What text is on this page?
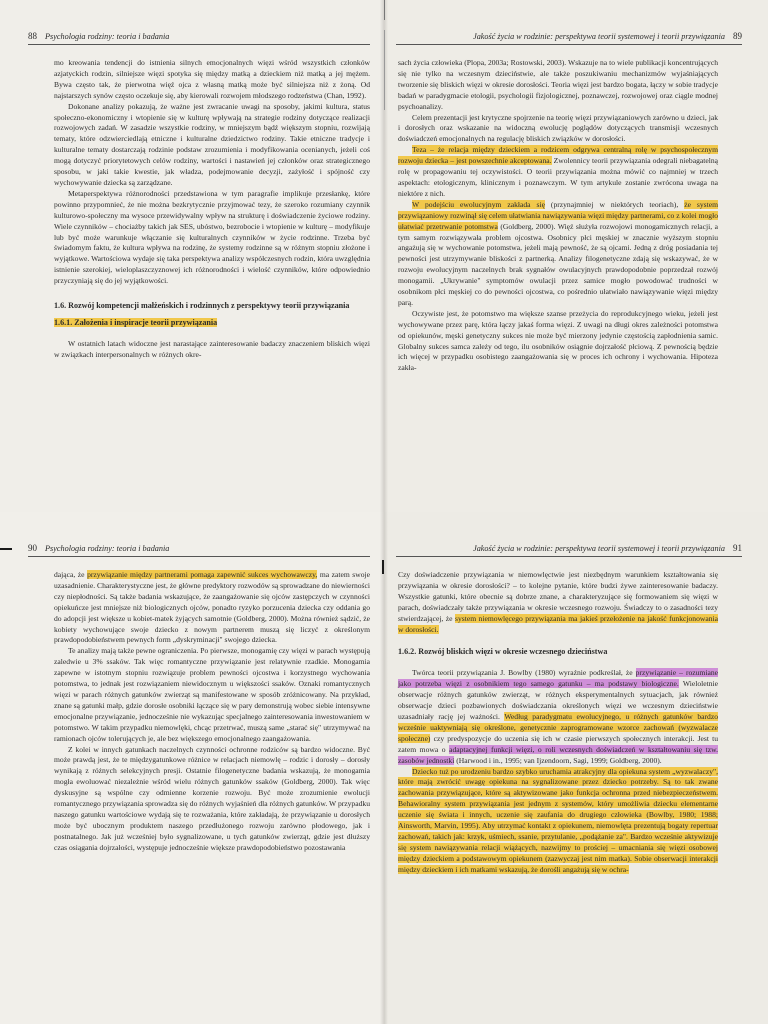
88 Psychologia rodziny: teoria i badania

mo kreowania tendencji do istnienia silnych emocjonalnych więzi wśród wszystkich członków azjatyckich rodzin, silniejsze więzi spotyka się między matką a dzieckiem niż matką a jej mężem. Bywa często tak, że pierwotna więź ojca z własną matką może być silniejsza niż z żoną. Od najstarszych synów często oczekuje się, aby kierowali rozwojem młodszego rodzeństwa (Chan, 1992).

Dokonane analizy pokazują, że ważne jest zwracanie uwagi na sposoby, jakimi kultura, status społeczno-ekonomiczny i wtopienie się w kulturę wpływają na strategie rodziny dotyczące realizacji rozwojowych zadań. W zasadzie wszystkie rodziny, w mniejszym bądź większym stopniu, rozwijają tematy, które odzwierciedlają etniczne i kulturalne dziedzictwo rodziny. Takie etniczne tradycje i kulturalne tematy dostarczają rodzinie podstaw zrozumienia i modyfikowania ocenianych, jeżeli coś mogą dotyczyć priorytetowych celów rodziny, wartości i nastawień jej członków oraz strategicznego sposobu, w jaki takie kwestie, jak władza, podejmowanie decyzji, zażyłość i spójność czy wychowywanie dziecka są zarządzane.

Metaperspektywa różnorodności przedstawiona w tym paragrafie implikuje przesłankę, które powinno przypomnieć, że nie można bezkrytycznie przyjmować tezy, że szeroko rozumiany czynnik kulturowo-społeczny ma wysoce przewidywalny wpływ na strukturę i doświadczenie życiowe rodziny. Wiele czynników – chociażby takich jak SES, ubóstwo, bezrobocie i wtopienie w kulturę – modyfikuje lub być może warunkuje włączanie się kulturalnych czynników w życie rodzinne. Trzeba być świadomym faktu, że kultura wpływa na rodzinę, że systemy rodzinne są w różnym stopniu złożone i wyjątkowe. Wartościowa wydaje się taka perspektywa analizy współczesnych rodzin, która uwzględnia istnienie szerokiej, wieloplaszczyznowej ich różnorodności i wielość czynników, które odpowiednio przyczyniają się do jej wyjątkowości.

1.6. Rozwój kompetencji małżeńskich i rodzinnych z perspektywy teorii przywiązania
1.6.1. Założenia i inspiracje teorii przywiązania

W ostatnich latach widoczne jest narastające zainteresowanie badaczy znaczeniem bliskich więzi w związkach interpersonalnych w różnych okre-

Jakość życia w rodzinie: perspektywa teorii systemowej i teorii przywiązania 89

sach życia człowieka (Plopa, 2003a; Rostowski, 2003). Wskazuje na to wiele publikacji koncentrujących się nie tylko na wczesnym dzieciństwie, ale także poszukiwaniu mechanizmów wyjaśniających tworzenie się bliskich więzi w okresie dorosłości. Teoria więzi jest bardzo bogata, łączy w sobie tradycje badań w paradygmacie etologii, psychologii fizjologicznej, poznawczej, rozwojowej oraz ciągle modnej psychoanalizy.

Celem prezentacji jest krytyczne spojrzenie na teorię więzi przywiązaniowych zarówno u dzieci, jak i dorosłych oraz wskazanie na widoczną ewolucję poglądów dotyczących transmisji wczesnych doświadczeń emocjonalnych na regulację bliskich związków w dorosłości.

Teza – że relacja między dzieckiem a rodzicem odgrywa centralną rolę w psychospołecznym rozwoju dziecka – jest powszechnie akceptowana. Zwolennicy teorii przywiązania odegrali niebagatelną rolę w propagowaniu tej oczywistości. O teorii przywiązania można mówić co najmniej w trzech aspektach: etologicznym, klinicznym i poznawczym. W tym artykule zostanie zwrócona uwaga na niektóre z nich.

W podejściu ewolucyjnym zakłada się (przynajmniej w niektórych teoriach), że system przywiązaniowy rozwinął się celem ułatwiania nawiązywania więzi między partnerami, co z kolei mogło ułatwiać przetrwanie potomstwa (Goldberg, 2000). Więź służyła rozwojowi monogamicznych relacji, a tym samym rozwiązywała problem ojcostwa. Osobnicy płci męskiej w znacznie wyższym stopniu angażują się w wychowanie potomstwa, jeżeli mają pewność, że są ojcami. Jedną z dróg posiadania tej pewności jest utrzymywanie bliskości z partnerką. Analizy filogenetyczne zdają się wskazywać, że w rozwoju ewolucyjnym naczelnych brak sygnałów owulacyjnych prawdopodobnie poprzedzał rozwój monogamii. „Ukrywanie" symptomów owulacji przez samice mogło powodować trudności w osobnikom płci męskiej co do pewności ojcostwa, co pośrednio ułatwiało nawiązywanie więzi między parą.

Oczywiste jest, że potomstwo ma większe szanse przeżycia do reprodukcyjnego wieku, jeżeli jest wychowywane przez parę, która łączy jakaś forma więzi. Z uwagi na długi okres zależności potomstwa od opiekunów, męski genetyczny sukces nie może być mierzony jedynie częstością zapłodnienia samic. Globalny sukces samca zależy od tego, ilu osobników osiągnie dojrzałość płciową. Z pewnością będzie ich więcej w przypadku osobistego zaangażowania się w proces ich ochrony i wychowania. Hipoteza zakła-

90 Psychologia rodziny: teoria i badania

dająca, że przywiązanie między partnerami pomaga zapewnić sukces wychowawczy, ma zatem swoje uzasadnienie. Charakterystyczne jest, że główne predyktory rozwodów są sprowadzane do niewierności czy niepłodności. Są także badania wskazujące, że zaangażowanie się ojców zastępczych w czynności opiekuńcze jest mniejsze niż biologicznych ojców, ponadto ryzyko porzucenia dziecka czy oddania go do adopcji jest większe u kobiet-matek żyjących samotnie (Goldberg, 2000). Można również sądzić, że kobiety wychowujące swoje dziecko z nowym partnerem muszą się liczyć z określonym prawdopodobieństwem pewnych form „dyskryminacji" swojego dziecka.

Te analizy mają także pewne ograniczenia. Po pierwsze, monogamię czy więzi w parach występują zaledwie u 3% ssaków. Tak więc romantyczne przywiązanie jest relatywnie rzadkie. Monogamia zapewne w istotnym stopniu rozwiązuje problem pewności ojcostwa i korzystnego wychowania potomstwa, to jednak jest rozwiązaniem niewidocznym u większości ssaków. Oznaki romantycznych więzi w parach różnych gatunków zwierząt są manifestowane w sposób zróżnicowany. Na przykład, znane są gatunki małp, gdzie dorosłe osobniki łączące się w pary demonstrują wobec siebie intensywne emocjonalne przywiązanie, jednocześnie nie wykazując specjalnego zainteresowania inwestowaniem w potomstwo. W takim przypadku niemowlęki, chcąc przetrwać, muszą same „starać się" utrzymywać na ramionach ojców tolerujących je, ale bez większego emocjonalnego zaangażowania.

Z kolei w innych gatunkach naczelnych czynności ochronne rodziców są bardzo widoczne. Być może prawdą jest, że te międzygatunkowe różnice w relacjach niemowlę – rodzic i dorosły – dorosły wynikają z różnych selekcyjnych presji. Ostatnie filogenetyczne badania wskazują, że monogamia mogła ewoluować niezależnie wśród wielu różnych gatunków ssaków (Goldberg, 2000). Tak więc dyskusyjne są wspólne czy odmienne korzenie rozwoju. Być może zrozumienie ewolucji romantycznego przywiązania sprowadza się do różnych wyjaśnień dla różnych gatunków. W przypadku naszego gatunku wartościowe wydają się te rozważania, które zakładają, że przywiązanie u dorosłych może być ubocznym produktem naszego przedłużonego rozwoju zarówno płodowego, jak i postnatalnego. Jak już wcześniej było sygnalizowane, u tych gatunków zwierząt, gdzie jest dłuższy czas osiągania dojrzałości, występuje jednocześnie większe prawdopodobieństwo pozostawania

Jakość życia w rodzinie: perspektywa teorii systemowej i teorii przywiązania 91

Czy doświadczenie przywiązania w niemowlęctwie jest niezbędnym warunkiem kształtowania się przywiązania w okresie dorosłości? – to kolejne pytanie, które budzi żywe zainteresowanie badaczy. Wszystkie gatunki, które obecnie są dobrze znane, a charakteryzujące się formowaniem się więzi w parach, doświadczały także przywiązania w okresie wczesnego rozwoju. Świadczy to o zasadności tezy stwierdzającej, że system niemowlęcego przywiązania ma jakieś przełożenie na jakość funkcjonowania w dorosłości.

1.6.2. Rozwój bliskich więzi w okresie wczesnego dzieciństwa

Twórca teorii przywiązania J. Bowlby (1980) wyraźnie podkreślał, że przywiązanie – rozumiane jako potrzeba więzi z osobnikiem tego samego gatunku – ma podstawy biologiczne. Wieloletnie obserwacje różnych gatunków zwierząt, w różnych eksperymentalnych sytuacjach, jak również obserwacje dzieci pozbawionych doświadczania określonych więzi we wczesnym dzieciństwie uzasadniały rację jej ważności. Według paradygmatu ewolucyjnego, u różnych gatunków bardzo wcześnie uaktywniają się określone, genetycznie zaprogramowane wzorce zachowań (wyzwalacze społeczne) czy predyspozycje do uczenia się ich w czasie pierwszych społecznych interakcji. Jest tu zatem mowa o adaptacyjnej funkcji więzi, o roli wczesnych doświadczeń w kształtowaniu się tzw. zasobów jednostki (Harwood i in., 1995; van Ijzendoorn, Sagi, 1999; Goldberg, 2000).

Dziecko tuż po urodzeniu bardzo szybko uruchamia atrakcyjny dla opiekuna system „wyzwalaczy", które mają zwrócić uwagę opiekuna na sygnalizowane przez dziecko potrzeby. Są to tak zwane zachowania przywiązujące, które są aktywizowane jako funkcja ochronna przed niebezpieczeństwem. Behawioralny system przywiązania jest jednym z systemów, który umożliwia dziecku elementarne uczenie się świata i innych, uczenie się zaufania do drugiego człowieka (Bowlby, 1980; 1988; Ainsworth, Marvin, 1995). Aby utrzymać kontakt z opiekunem, niemowlęta prezentują bogaty repertuar zachowań, takich jak: krzyk, uśmiech, ssanie, przytulanie, „podążanie za". Bardzo wcześnie aktywizuje się system nawiązywania relacji wiążących, nazwijmy to prościej – umacniania się więzi osobowej między dzieckiem a podstawowym opiekunem (zazwyczaj jest nim matka). Sobie obserwacji interakcji między dzieckiem i ich matkami wskazują, że dorośli angażują się w ochra-
